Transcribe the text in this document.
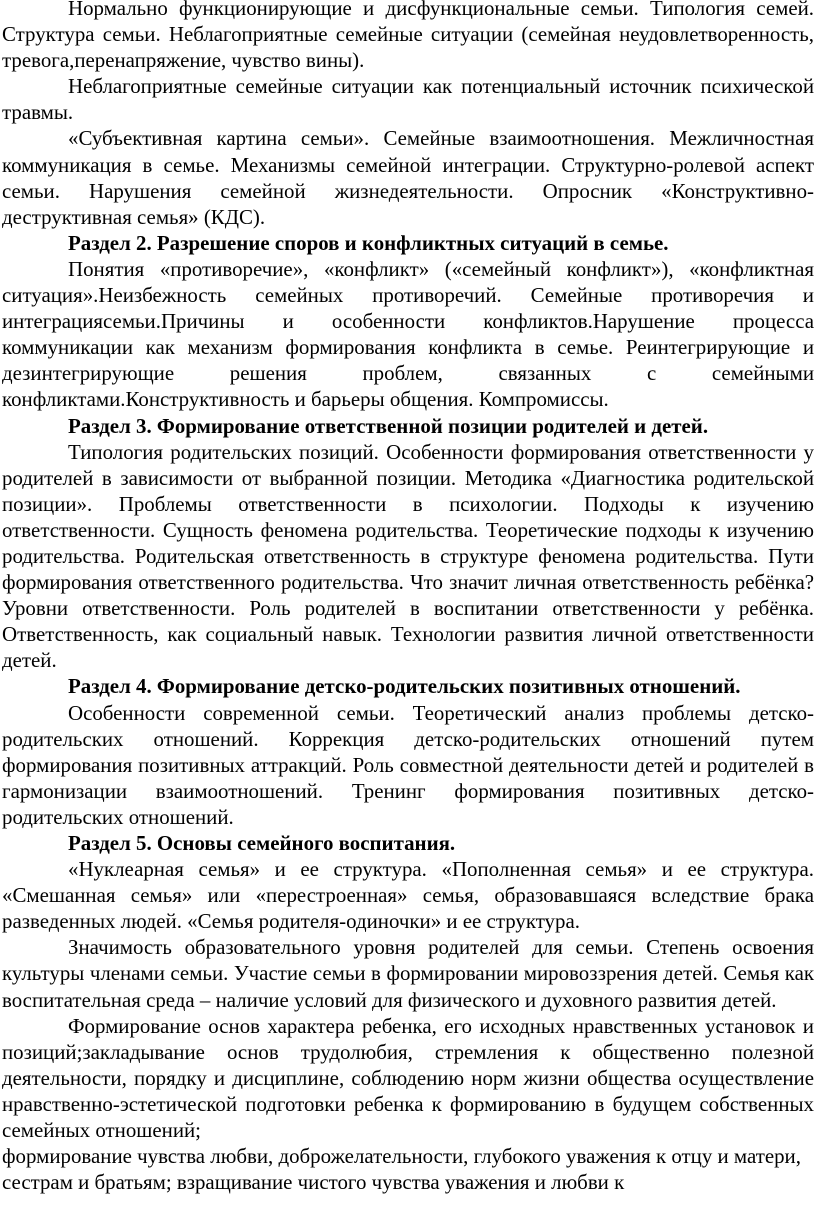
Нормально функционирующие и дисфункциональные семьи. Типология семей. Структура семьи. Неблагоприятные семейные ситуации (семейная неудовлетворенность, тревога,перенапряжение, чувство вины).

Неблагоприятные семейные ситуации как потенциальный источник психической травмы.

«Субъективная картина семьи». Семейные взаимоотношения. Межличностная коммуникация в семье. Механизмы семейной интеграции. Структурно-ролевой аспект семьи. Нарушения семейной жизнедеятельности. Опросник «Конструктивно-деструктивная семья» (КДС).

Раздел 2. Разрешение споров и конфликтных ситуаций в семье.

Понятия «противоречие», «конфликт» («семейный конфликт»), «конфликтная ситуация».Неизбежность семейных противоречий. Семейные противоречия и интеграциясемьи.Причины и особенности конфликтов.Нарушение процесса коммуникации как механизм формирования конфликта в семье. Реинтегрирующие и дезинтегрирующие решения проблем, связанных с семейными конфликтами.Конструктивность и барьеры общения. Компромиссы.

Раздел 3. Формирование ответственной позиции родителей и детей.

Типология родительских позиций. Особенности формирования ответственности у родителей в зависимости от выбранной позиции. Методика «Диагностика родительской позиции». Проблемы ответственности в психологии. Подходы к изучению ответственности. Сущность феномена родительства. Теоретические подходы к изучению родительства. Родительская ответственность в структуре феномена родительства. Пути формирования ответственного родительства. Что значит личная ответственность ребёнка? Уровни ответственности. Роль родителей в воспитании ответственности у ребёнка. Ответственность, как социальный навык. Технологии развития личной ответственности детей.

Раздел 4. Формирование детско-родительских позитивных отношений.

Особенности современной семьи. Теоретический анализ проблемы детско-родительских отношений. Коррекция детско-родительских отношений путем формирования позитивных аттракций. Роль совместной деятельности детей и родителей в гармонизации взаимоотношений. Тренинг формирования позитивных детско-родительских отношений.

Раздел 5. Основы семейного воспитания.

«Нуклеарная семья» и ее структура. «Пополненная семья» и ее структура. «Смешанная семья» или «перестроенная» семья, образовавшаяся вследствие брака разведенных людей. «Семья родителя-одиночки» и ее структура.

Значимость образовательного уровня родителей для семьи. Степень освоения культуры членами семьи. Участие семьи в формировании мировоззрения детей. Семья как воспитательная среда – наличие условий для физического и духовного развития детей.

Формирование основ характера ребенка, его исходных нравственных установок и позиций;закладывание основ трудолюбия, стремления к общественно полезной деятельности, порядку и дисциплине, соблюдению норм жизни общества осуществление нравственно-эстетической подготовки ребенка к формированию в будущем собственных семейных отношений;

формирование чувства любви, доброжелательности, глубокого уважения к отцу и матери, сестрам и братьям; взращивание чистого чувства уважения и любви к
